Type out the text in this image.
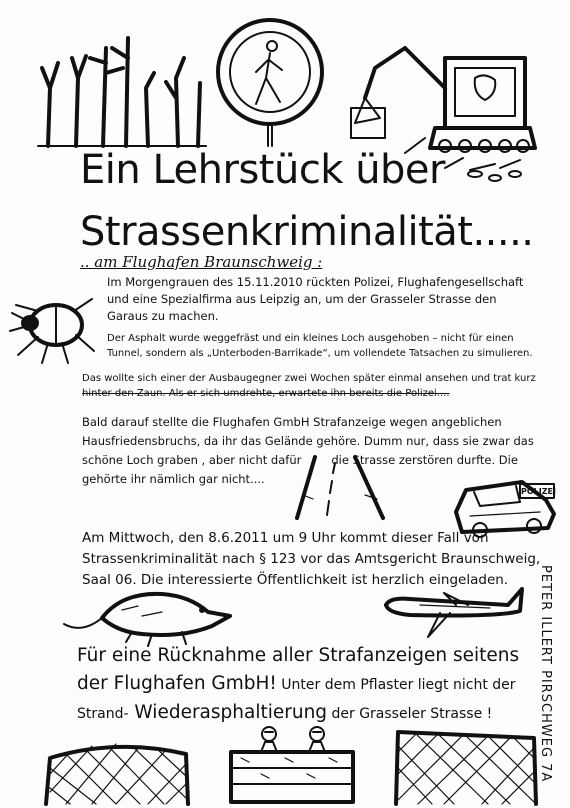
Ein Lehrstück über
Strassenkriminalität.....
.. am Flughafen Braunschweig :
Im Morgengrauen des 15.11.2010 rückten Polizei, Flughafengesellschaft
und eine Spezialfirma aus Leipzig an, um der Grasseler Strasse den
Garaus zu machen.
Der Asphalt wurde weggefräst und ein kleines Loch ausgehoben – nicht für einen
Tunnel, sondern als „Unterboden-Barrikade“, um vollendete Tatsachen zu simulieren.
Das wollte sich einer der Ausbaugegner zwei Wochen später einmal ansehen und trat kurz
hinter den Zaun. Als er sich umdrehte, erwartete ihn bereits die Polizei....
Bald darauf stellte die Flughafen GmbH Strafanzeige wegen angeblichen
Hausfriedensbruchs, da ihr das Gelände gehöre. Dumm nur, dass sie zwar das
schöne Loch graben , aber nicht dafür	die Strasse zerstören durfte. Die
gehörte ihr nämlich gar nicht....
POLIZEI
Am Mittwoch, den 8.6.2011 um 9 Uhr kommt dieser Fall von
Strassenkriminalität nach § 123 vor das Amtsgericht Braunschweig,
Saal 06. Die interessierte Öffentlichkeit ist herzlich eingeladen.
Für eine Rücknahme aller Strafanzeigen seitens
der Flughafen GmbH! Unter dem Pflaster liegt nicht der
Strand- Wiederasphaltierung der Grasseler Strasse !	PETER ILLERT PIRSCHWEG 7A
